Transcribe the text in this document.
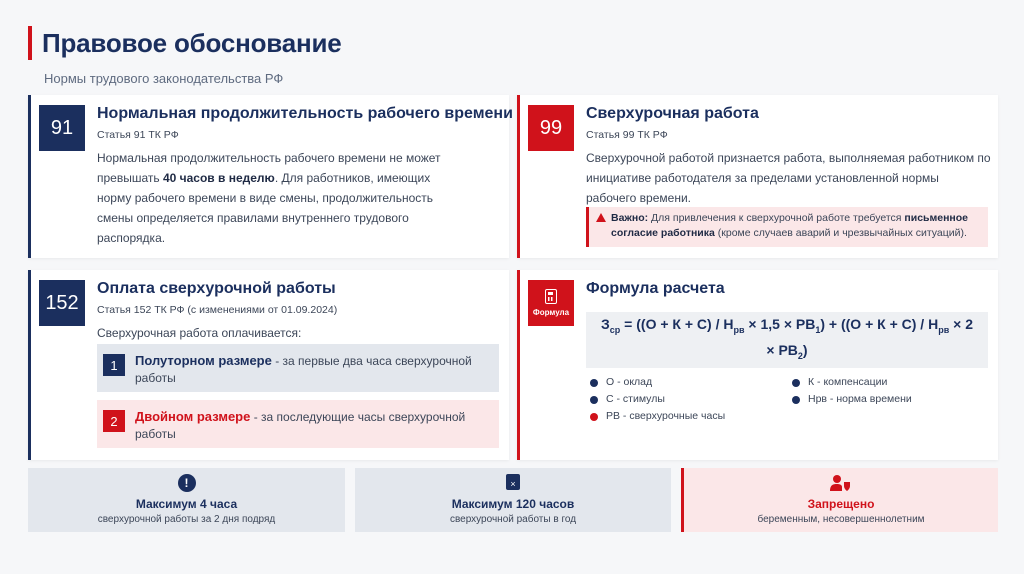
Правовое обоснование
Нормы трудового законодательства РФ
91
Нормальная продолжительность рабочего времени
Статья 91 ТК РФ
Нормальная продолжительность рабочего времени не может превышать 40 часов в неделю. Для работников, имеющих норму рабочего времени в виде смены, продолжительность смены определяется правилами внутреннего трудового распорядка.
99
Сверхурочная работа
Статья 99 ТК РФ
Сверхурочной работой признается работа, выполняемая работником по инициативе работодателя за пределами установленной нормы рабочего времени.
Важно: Для привлечения к сверхурочной работе требуется письменное согласие работника (кроме случаев аварий и чрезвычайных ситуаций).
152
Оплата сверхурочной работы
Статья 152 ТК РФ (с изменениями от 01.09.2024)
Сверхурочная работа оплачивается:
1	Полуторном размере - за первые два часа сверхурочной работы
2	Двойном размере - за последующие часы сверхурочной работы
Формула
Формула расчета
$З_{ср} = ((О + К + С) / Н_{рв} \times 1,5 \times РВ_1) + ((О + К + С) / Н_{рв} \times 2 \times РВ_2)$
О - оклад
С - стимулы
РВ - сверхурочные часы
К - компенсации
Нрв - норма времени
!
Максимум 4 часа
сверхурочной работы за 2 дня подряд
×
Максимум 120 часов
сверхурочной работы в год
Запрещено
беременным, несовершеннолетним
